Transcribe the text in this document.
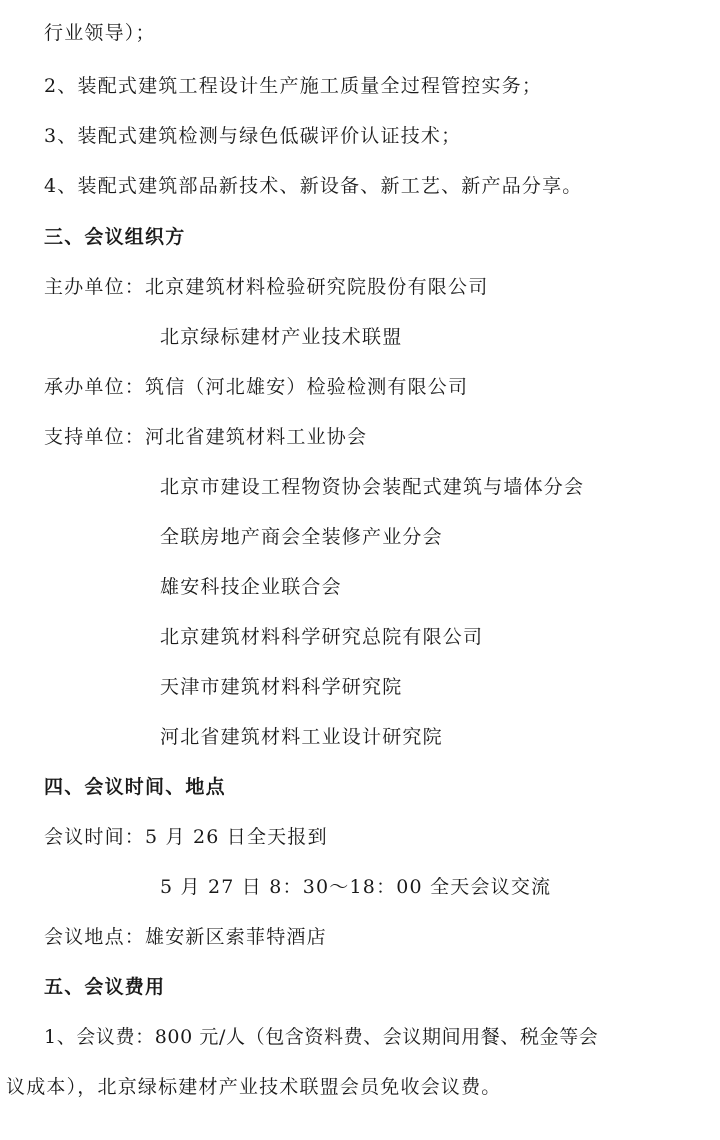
行业领导）；
2、装配式建筑工程设计生产施工质量全过程管控实务；
3、装配式建筑检测与绿色低碳评价认证技术；
4、装配式建筑部品新技术、新设备、新工艺、新产品分享。
三、会议组织方
主办单位：北京建筑材料检验研究院股份有限公司
北京绿标建材产业技术联盟
承办单位：筑信（河北雄安）检验检测有限公司
支持单位：河北省建筑材料工业协会
北京市建设工程物资协会装配式建筑与墙体分会
全联房地产商会全装修产业分会
雄安科技企业联合会
北京建筑材料科学研究总院有限公司
天津市建筑材料科学研究院
河北省建筑材料工业设计研究院
四、会议时间、地点
会议时间：5 月 26 日全天报到
5 月 27 日 8：30～18：00 全天会议交流
会议地点：雄安新区索菲特酒店
五、会议费用
1、会议费：800 元/人（包含资料费、会议期间用餐、税金等会
议成本），北京绿标建材产业技术联盟会员免收会议费。
